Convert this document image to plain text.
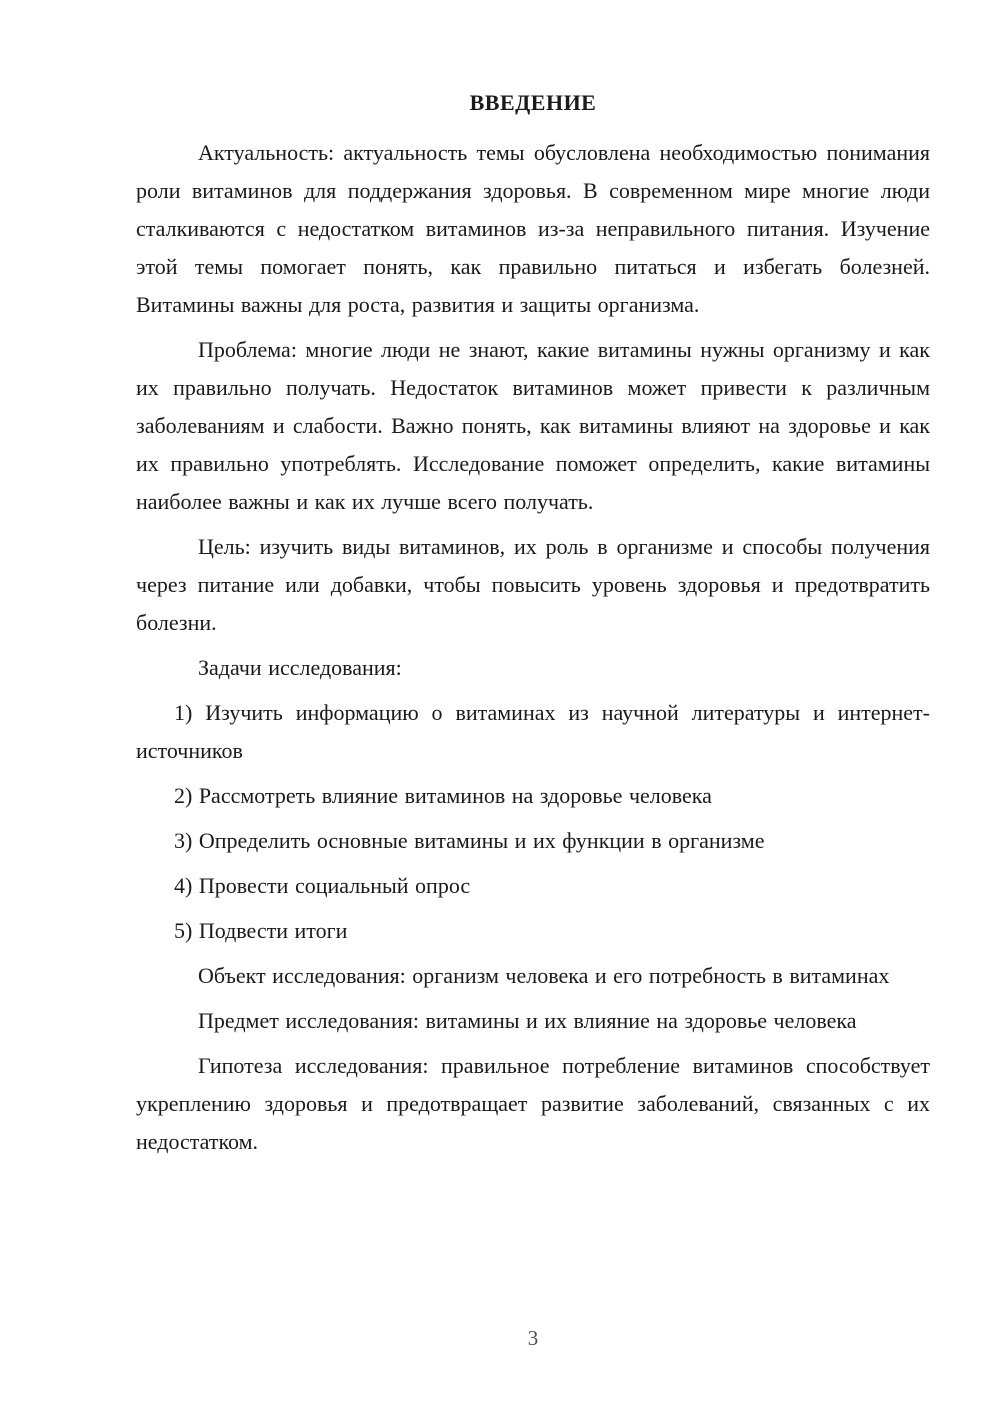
ВВЕДЕНИЕ

Актуальность: актуальность темы обусловлена необходимостью понимания роли витаминов для поддержания здоровья. В современном мире многие люди сталкиваются с недостатком витаминов из-за неправильного питания. Изучение этой темы помогает понять, как правильно питаться и избегать болезней. Витамины важны для роста, развития и защиты организма.

Проблема: многие люди не знают, какие витамины нужны организму и как их правильно получать. Недостаток витаминов может привести к различным заболеваниям и слабости. Важно понять, как витамины влияют на здоровье и как их правильно употреблять. Исследование поможет определить, какие витамины наиболее важны и как их лучше всего получать.

Цель: изучить виды витаминов, их роль в организме и способы получения через питание или добавки, чтобы повысить уровень здоровья и предотвратить болезни.

Задачи исследования:

1) Изучить информацию о витаминах из научной литературы и интернет-источников

2) Рассмотреть влияние витаминов на здоровье человека

3) Определить основные витамины и их функции в организме

4) Провести социальный опрос

5) Подвести итоги

Объект исследования: организм человека и его потребность в витаминах

Предмет исследования: витамины и их влияние на здоровье человека

Гипотеза исследования: правильное потребление витаминов способствует укреплению здоровья и предотвращает развитие заболеваний, связанных с их недостатком.

3
